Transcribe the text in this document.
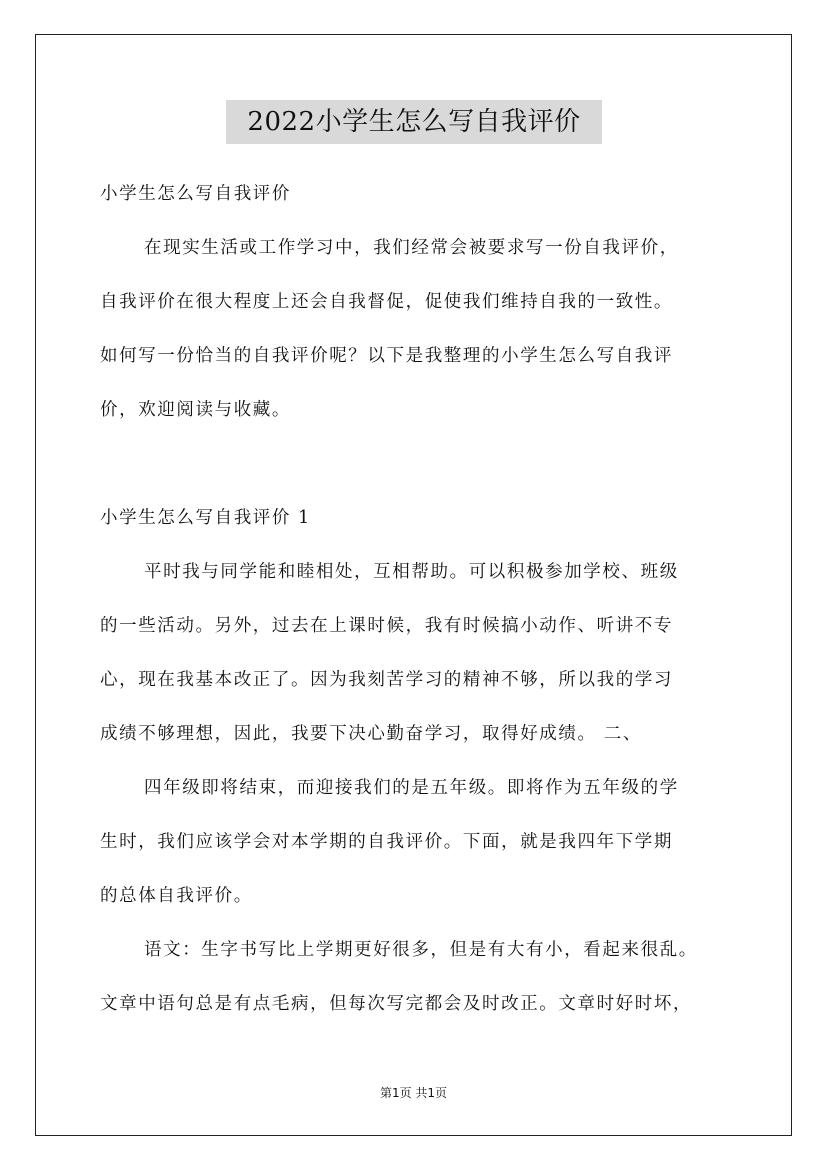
2022小学生怎么写自我评价
小学生怎么写自我评价
在现实生活或工作学习中，我们经常会被要求写一份自我评价，
自我评价在很大程度上还会自我督促，促使我们维持自我的一致性。
如何写一份恰当的自我评价呢？以下是我整理的小学生怎么写自我评
价，欢迎阅读与收藏。
小学生怎么写自我评价 1
平时我与同学能和睦相处，互相帮助。可以积极参加学校、班级
的一些活动。另外，过去在上课时候，我有时候搞小动作、听讲不专
心，现在我基本改正了。因为我刻苦学习的精神不够，所以我的学习
成绩不够理想，因此，我要下决心勤奋学习，取得好成绩。 二、
四年级即将结束，而迎接我们的是五年级。即将作为五年级的学
生时，我们应该学会对本学期的自我评价。下面，就是我四年下学期
的总体自我评价。
语文：生字书写比上学期更好很多，但是有大有小，看起来很乱。
文章中语句总是有点毛病，但每次写完都会及时改正。文章时好时坏，
第1页 共1页
